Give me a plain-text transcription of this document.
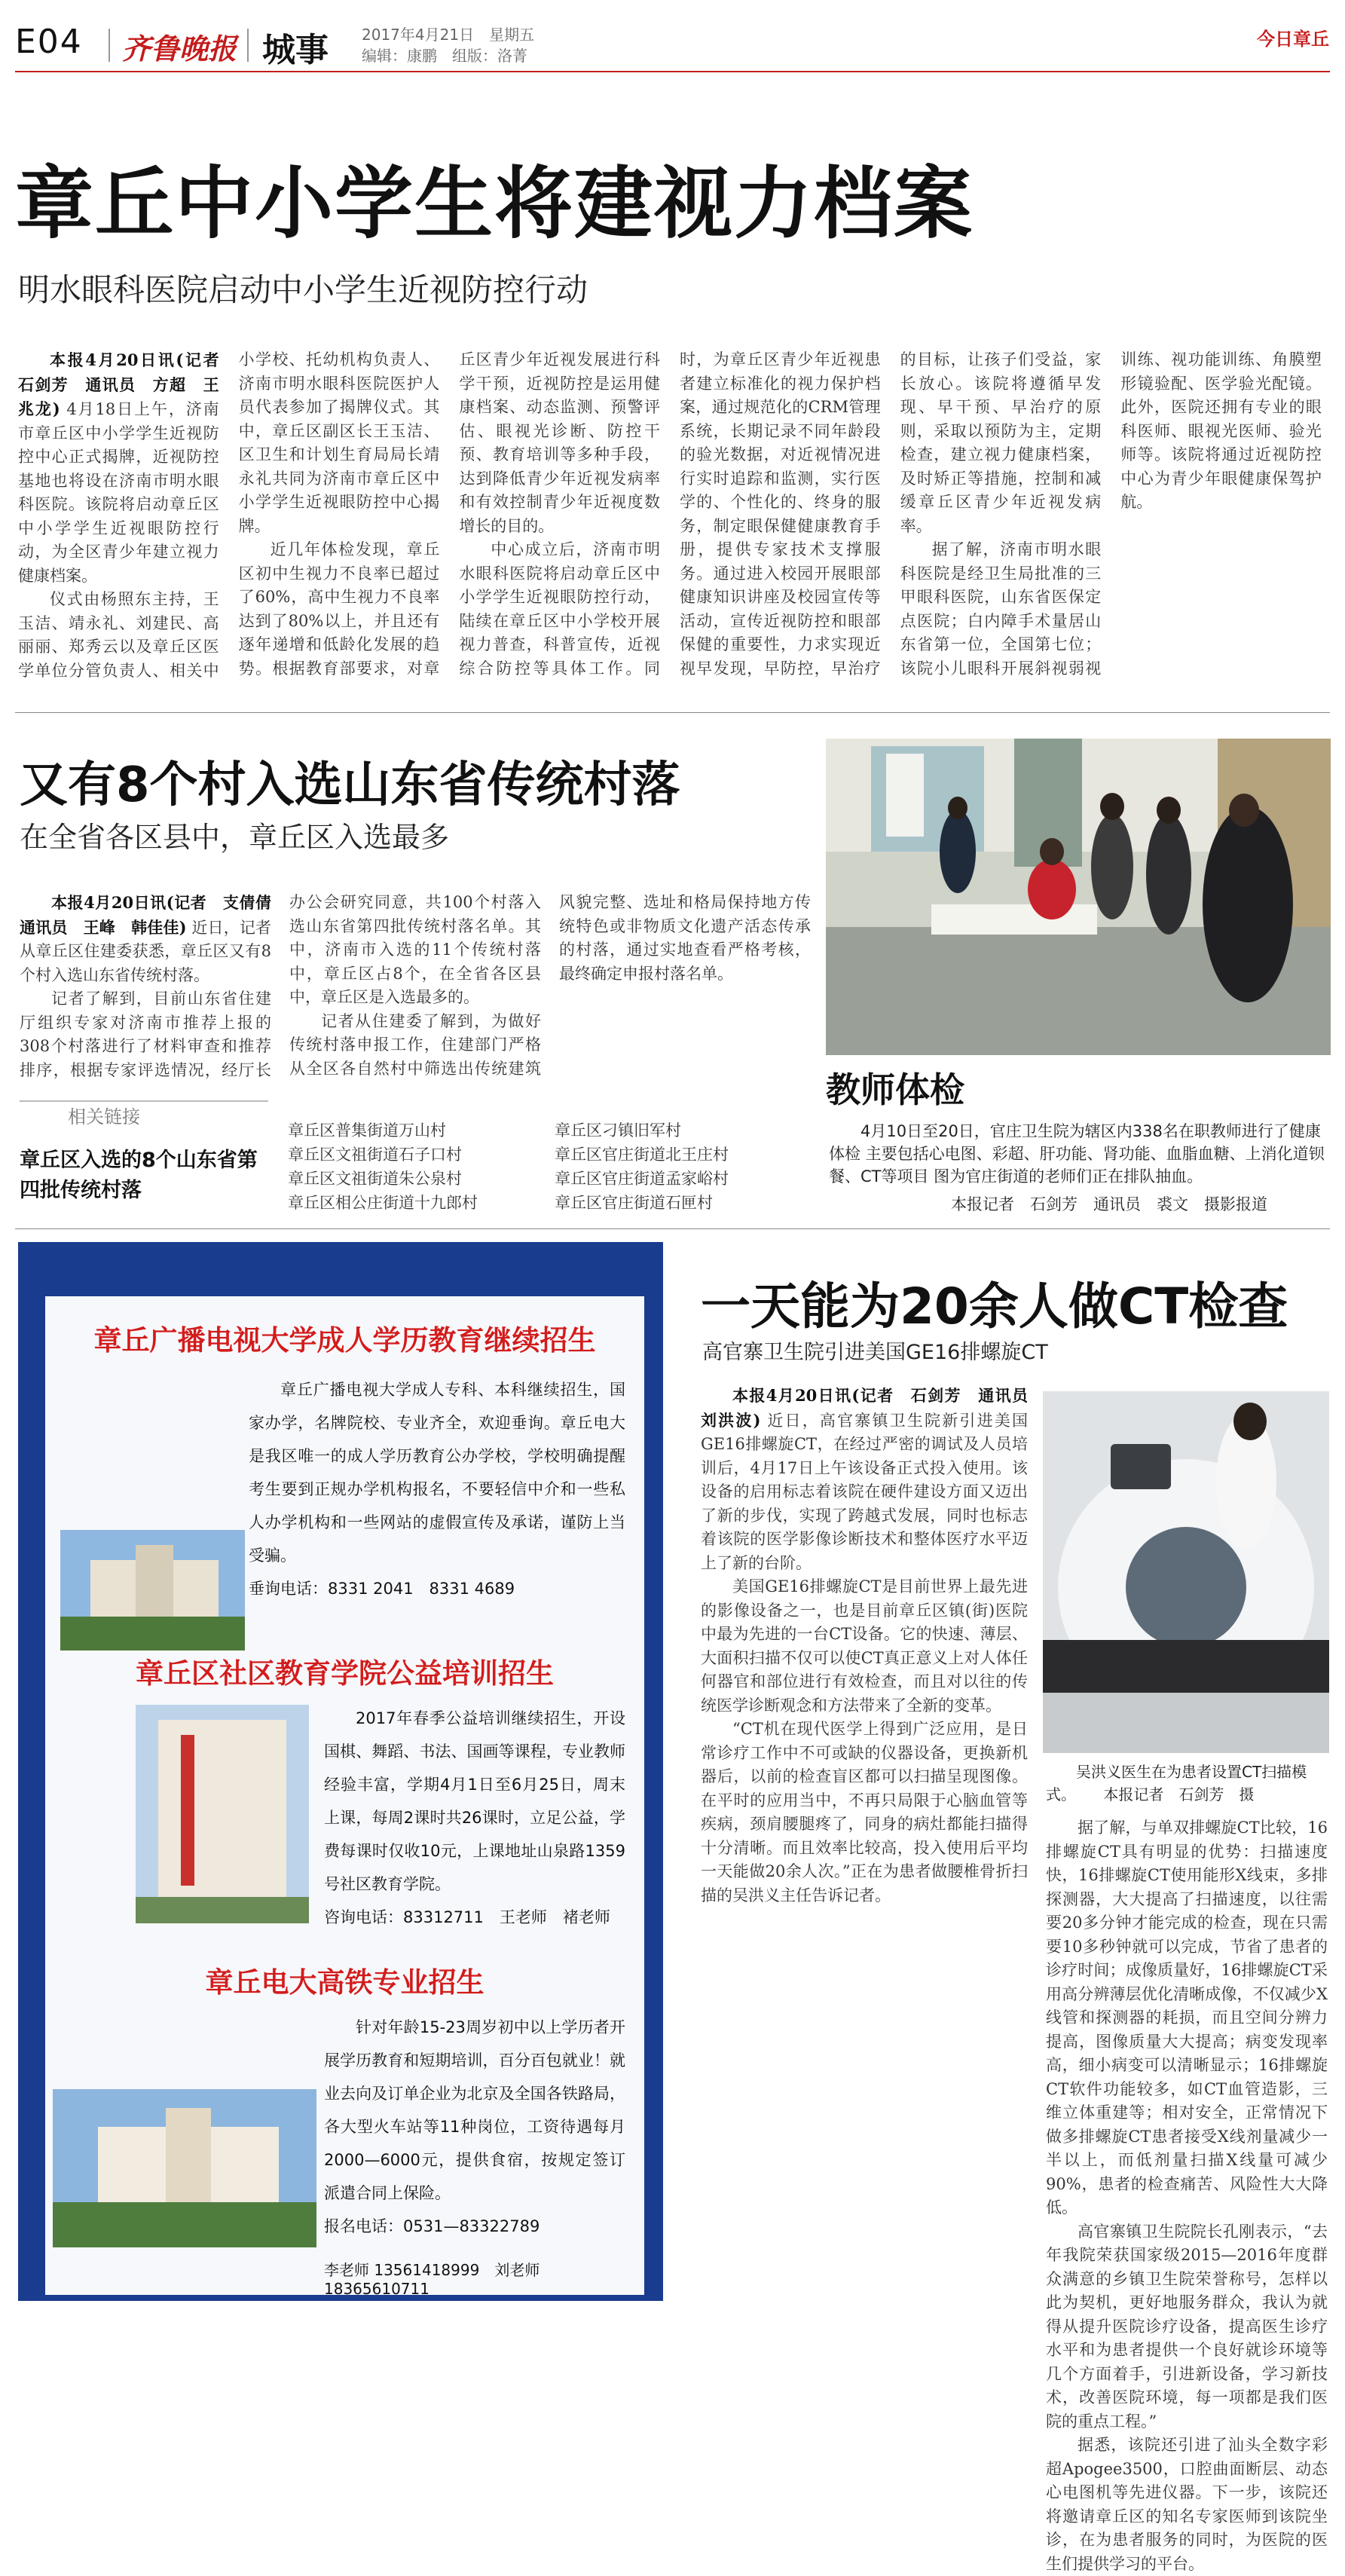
E04 齐鲁晚报 城事 2017年4月21日　星期五
编辑：康鹏　组版：洛菁
今日章丘
章丘中小学生将建视力档案
明水眼科医院启动中小学生近视防控行动

本报4月20日讯(记者　石剑芳　通讯员　方超　王兆龙) 4月18日上午，济南市章丘区中小学学生近视防控中心正式揭牌，近视防控基地也将设在济南市明水眼科医院。该院将启动章丘区中小学学生近视眼防控行动，为全区青少年建立视力健康档案。

仪式由杨照东主持，王玉洁、靖永礼、刘建民、高丽丽、郑秀云以及章丘区医学单位分管负责人、相关中小学校、托幼机构负责人、济南市明水眼科医院医护人员代表参加了揭牌仪式。其中，章丘区副区长王玉洁、区卫生和计划生育局局长靖永礼共同为济南市章丘区中小学学生近视眼防控中心揭牌。

近几年体检发现，章丘区初中生视力不良率已超过了60%，高中生视力不良率达到了80%以上，并且还有逐年递增和低龄化发展的趋势。根据教育部要求，对章丘区青少年近视发展进行科学干预，近视防控是运用健康档案、动态监测、预警评估、眼视光诊断、防控干预、教育培训等多种手段，达到降低青少年近视发病率和有效控制青少年近视度数增长的目的。

中心成立后，济南市明水眼科医院将启动章丘区中小学学生近视眼防控行动，陆续在章丘区中小学校开展视力普查，科普宣传，近视综合防控等具体工作。同时，为章丘区青少年近视患者建立标准化的视力保护档案，通过规范化的CRM管理系统，长期记录不同年龄段的验光数据，对近视情况进行实时追踪和监测，实行医学的、个性化的、终身的服务，制定眼保健健康教育手册，提供专家技术支撑服务。通过进入校园开展眼部健康知识讲座及校园宣传等活动，宣传近视防控和眼部保健的重要性，力求实现近视早发现，早防控，早治疗的目标，让孩子们受益，家长放心。该院将遵循早发现、早干预、早治疗的原则，采取以预防为主，定期检查，建立视力健康档案，及时矫正等措施，控制和减缓章丘区青少年近视发病率。

据了解，济南市明水眼科医院是经卫生局批准的三甲眼科医院，山东省医保定点医院；白内障手术量居山东省第一位，全国第七位；该院小儿眼科开展斜视弱视训练、视功能训练、角膜塑形镜验配、医学验光配镜。此外，医院还拥有专业的眼科医师、眼视光医师、验光师等。该院将通过近视防控中心为青少年眼健康保驾护航。

又有8个村入选山东省传统村落
在全省各区县中，章丘区入选最多

本报4月20日讯(记者　支倩倩　通讯员　王峰　韩佳佳) 近日，记者从章丘区住建委获悉，章丘区又有8个村入选山东省传统村落。

记者了解到，目前山东省住建厅组织专家对济南市推荐上报的308个村落进行了材料审查和推荐排序，根据专家评选情况，经厅长办公会研究同意，共100个村落入选山东省第四批传统村落名单。其中，济南市入选的11个传统村落中，章丘区占8个，在全省各区县中，章丘区是入选最多的。

记者从住建委了解到，为做好传统村落申报工作，住建部门严格从全区各自然村中筛选出传统建筑风貌完整、选址和格局保持地方传统特色或非物质文化遗产活态传承的村落，通过实地查看严格考核，最终确定申报村落名单。

相关链接
章丘区入选的8个山东省第四批传统村落
章丘区普集街道万山村
章丘区文祖街道石子口村
章丘区文祖街道朱公泉村
章丘区相公庄街道十九郎村
章丘区刁镇旧军村
章丘区官庄街道北王庄村
章丘区官庄街道孟家峪村
章丘区官庄街道石匣村
教师体检
4月10日至20日，官庄卫生院为辖区内338名在职教师进行了健康体检 主要包括心电图、彩超、肝功能、肾功能、血脂血糖、上消化道钡餐、CT等项目 图为官庄街道的老师们正在排队抽血。
本报记者　石剑芳　通讯员　裘文　摄影报道
章丘广播电视大学成人学历教育继续招生

章丘广播电视大学成人专科、本科继续招生，国家办学，名牌院校、专业齐全，欢迎垂询。章丘电大是我区唯一的成人学历教育公办学校，学校明确提醒考生要到正规办学机构报名，不要轻信中介和一些私人办学机构和一些网站的虚假宣传及承诺，谨防上当受骗。

垂询电话：8331 2041　8331 4689
章丘区社区教育学院公益培训招生

2017年春季公益培训继续招生，开设国棋、舞蹈、书法、国画等课程，专业教师经验丰富，学期4月1日至6月25日，周末上课，每周2课时共26课时，立足公益，学费每课时仅收10元，上课地址山泉路1359号社区教育学院。

咨询电话：83312711　王老师　褚老师
章丘电大高铁专业招生

针对年龄15-23周岁初中以上学历者开展学历教育和短期培训，百分百包就业！就业去向及订单企业为北京及全国各铁路局，各大型火车站等11种岗位，工资待遇每月2000—6000元，提供食宿，按规定签订派遣合同上保险。

报名电话：0531—83322789
李老师 13561418999　刘老师 18365610711
一天能为20余人做CT检查
高官寨卫生院引进美国GE16排螺旋CT
吴洪义医生在为患者设置CT扫描模式。 本报记者　石剑芳　摄

本报4月20日讯(记者　石剑芳　通讯员　刘洪波) 近日，高官寨镇卫生院新引进美国GE16排螺旋CT，在经过严密的调试及人员培训后，4月17日上午该设备正式投入使用。该设备的启用标志着该院在硬件建设方面又迈出了新的步伐，实现了跨越式发展，同时也标志着该院的医学影像诊断技术和整体医疗水平迈上了新的台阶。

美国GE16排螺旋CT是目前世界上最先进的影像设备之一，也是目前章丘区镇(街)医院中最为先进的一台CT设备。它的快速、薄层、大面积扫描不仅可以使CT真正意义上对人体任何器官和部位进行有效检查，而且对以往的传统医学诊断观念和方法带来了全新的变革。

“CT机在现代医学上得到广泛应用，是日常诊疗工作中不可或缺的仪器设备，更换新机器后，以前的检查盲区都可以扫描呈现图像。在平时的应用当中，不再只局限于心脑血管等疾病，颈肩腰腿疼了，同身的病灶都能扫描得十分清晰。而且效率比较高，投入使用后平均一天能做20余人次。”正在为患者做腰椎骨折扫描的吴洪义主任告诉记者。

据了解，与单双排螺旋CT比较，16排螺旋CT具有明显的优势：扫描速度快，16排螺旋CT使用能形X线束，多排探测器，大大提高了扫描速度，以往需要20多分钟才能完成的检查，现在只需要10多秒钟就可以完成，节省了患者的诊疗时间；成像质量好，16排螺旋CT采用高分辨薄层优化清晰成像，不仅减少X线管和探测器的耗损，而且空间分辨力提高，图像质量大大提高；病变发现率高，细小病变可以清晰显示；16排螺旋CT软件功能较多，如CT血管造影，三维立体重建等；相对安全，正常情况下做多排螺旋CT患者接受X线剂量减少一半以上，而低剂量扫描X线量可减少90%，患者的检查痛苦、风险性大大降低。

高官寨镇卫生院院长孔刚表示，“去年我院荣获国家级2015—2016年度群众满意的乡镇卫生院荣誉称号，怎样以此为契机，更好地服务群众，我认为就得从提升医院诊疗设备，提高医生诊疗水平和为患者提供一个良好就诊环境等几个方面着手，引进新设备，学习新技术，改善医院环境，每一项都是我们医院的重点工程。”

据悉，该院还引进了汕头全数字彩超Apogee3500，口腔曲面断层、动态心电图机等先进仪器。下一步，该院还将邀请章丘区的知名专家医师到该院坐诊，在为患者服务的同时，为医院的医生们提供学习的平台。
